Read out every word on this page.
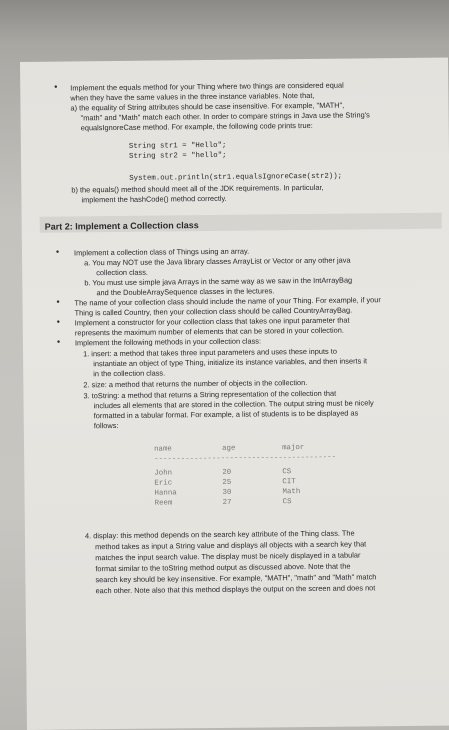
• Implement the equals method for your Thing where two things are considered equal
when they have the same values in the three instance variables. Note that,
a) the equality of String attributes should be case insensitive. For example, "MATH",
"math" and "Math" match each other. In order to compare strings in Java use the String's
equalsIgnoreCase method. For example, the following code prints true:
String str1 = "Hello";
String str2 = "hello";
System.out.println(str1.equalsIgnoreCase(str2));
b) the equals() method should meet all of the JDK requirements. In particular,
implement the hashCode() method correctly.
Part 2: Implement a Collection class
• Implement a collection class of Things using an array.
a. You may NOT use the Java library classes ArrayList or Vector or any other java
collection class.
b. You must use simple java Arrays in the same way as we saw in the IntArrayBag
and the DoubleArraySequence classes in the lectures.
• The name of your collection class should include the name of your Thing. For example, if your
Thing is called Country, then your collection class should be called CountryArrayBag.
• Implement a constructor for your collection class that takes one input parameter that
represents the maximum number of elements that can be stored in your collection.
• Implement the following methods in your collection class:
1. insert: a method that takes three input parameters and uses these inputs to
instantiate an object of type Thing, initialize its instance variables, and then inserts it
in the collection class.
2. size: a method that returns the number of objects in the collection.
3. toString: a method that returns a String representation of the collection that
includes all elements that are stored in the collection. The output string must be nicely
formatted in a tabular format. For example, a list of students is to be displayed as
follows:
name	age	major
-----------------------------------------
John	20	CS
Eric	25	CIT
Hanna	30	Math
Reem	27	CS
4. display: this method depends on the search key attribute of the Thing class. The
method takes as input a String value and displays all objects with a search key that
matches the input search value. The display must be nicely displayed in a tabular
format similar to the toString method output as discussed above. Note that the
search key should be key insensitive. For example, "MATH", "math" and "Math" match
each other. Note also that this method displays the output on the screen and does not
